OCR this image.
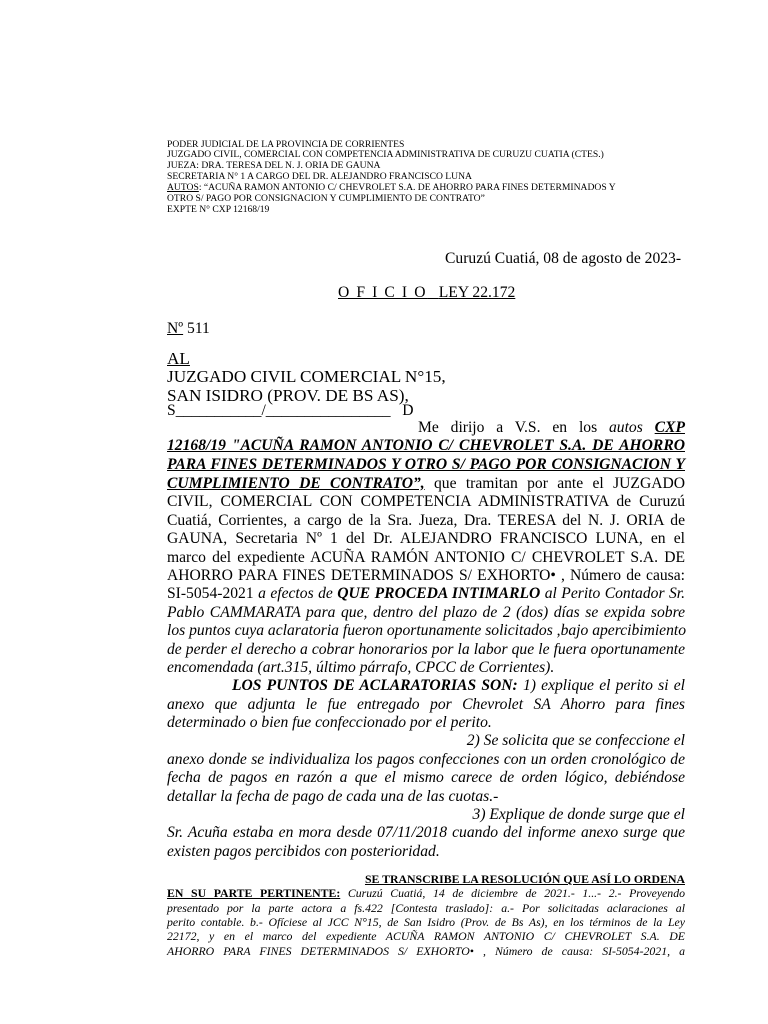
PODER JUDICIAL DE LA PROVINCIA DE CORRIENTES
JUZGADO CIVIL, COMERCIAL CON COMPETENCIA ADMINISTRATIVA DE CURUZU CUATIA (CTES.)
JUEZA: DRA. TERESA DEL N. J. ORIA DE GAUNA
SECRETARIA N° 1 A CARGO DEL DR. ALEJANDRO FRANCISCO LUNA
AUTOS: “ACUÑA RAMON ANTONIO C/ CHEVROLET S.A. DE AHORRO PARA FINES DETERMINADOS Y
OTRO S/ PAGO POR CONSIGNACION Y CUMPLIMIENTO DE CONTRATO”
EXPTE N° CXP 12168/19
Curuzú Cuatiá, 08 de agosto de 2023-
O F I C I O LEY 22.172
Nº 511
AL
JUZGADO CIVIL COMERCIAL N°15,
SAN ISIDRO (PROV. DE BS AS),
S___________/________________ D
Me dirijo a V.S. en los autos CXP
12168/19 "ACUÑA RAMON ANTONIO C/ CHEVROLET S.A. DE AHORRO
PARA FINES DETERMINADOS Y OTRO S/ PAGO POR CONSIGNACION Y
CUMPLIMIENTO DE CONTRATO”, que tramitan por ante el JUZGADO
CIVIL, COMERCIAL CON COMPETENCIA ADMINISTRATIVA de Curuzú
Cuatiá, Corrientes, a cargo de la Sra. Jueza, Dra. TERESA del N. J. ORIA de
GAUNA, Secretaria Nº 1 del Dr. ALEJANDRO FRANCISCO LUNA, en el
marco del expediente ACUÑA RAMÓN ANTONIO C/ CHEVROLET S.A. DE
AHORRO PARA FINES DETERMINADOS S/ EXHORTO• , Número de causa:
SI-5054-2021 a efectos de QUE PROCEDA INTIMARLO al Perito Contador Sr.
Pablo CAMMARATA para que, dentro del plazo de 2 (dos) días se expida sobre
los puntos cuya aclaratoria fueron oportunamente solicitados ,bajo apercibimiento
de perder el derecho a cobrar honorarios por la labor que le fuera oportunamente
encomendada (art.315, último párrafo, CPCC de Corrientes).
LOS PUNTOS DE ACLARATORIAS SON: 1) explique el perito si el
anexo que adjunta le fue entregado por Chevrolet SA Ahorro para fines
determinado o bien fue confeccionado por el perito.
2) Se solicita que se confeccione el
anexo donde se individualiza los pagos confecciones con un orden cronológico de
fecha de pagos en razón a que el mismo carece de orden lógico, debiéndose
detallar la fecha de pago de cada una de las cuotas.-
3) Explique de donde surge que el
Sr. Acuña estaba en mora desde 07/11/2018 cuando del informe anexo surge que
existen pagos percibidos con posterioridad.
SE TRANSCRIBE LA RESOLUCIÓN QUE ASÍ LO ORDENA
EN SU PARTE PERTINENTE: Curuzú Cuatiá, 14 de diciembre de 2021.- 1...- 2.- Proveyendo
presentado por la parte actora a fs.422 [Contesta traslado]: a.- Por solicitadas aclaraciones al
perito contable. b.- Ofíciese al JCC N°15, de San Isidro (Prov. de Bs As), en los términos de la Ley
22172, y en el marco del expediente ACUÑA RAMON ANTONIO C/ CHEVROLET S.A. DE
AHORRO PARA FINES DETERMINADOS S/ EXHORTO• , Número de causa: SI-5054-2021, a
